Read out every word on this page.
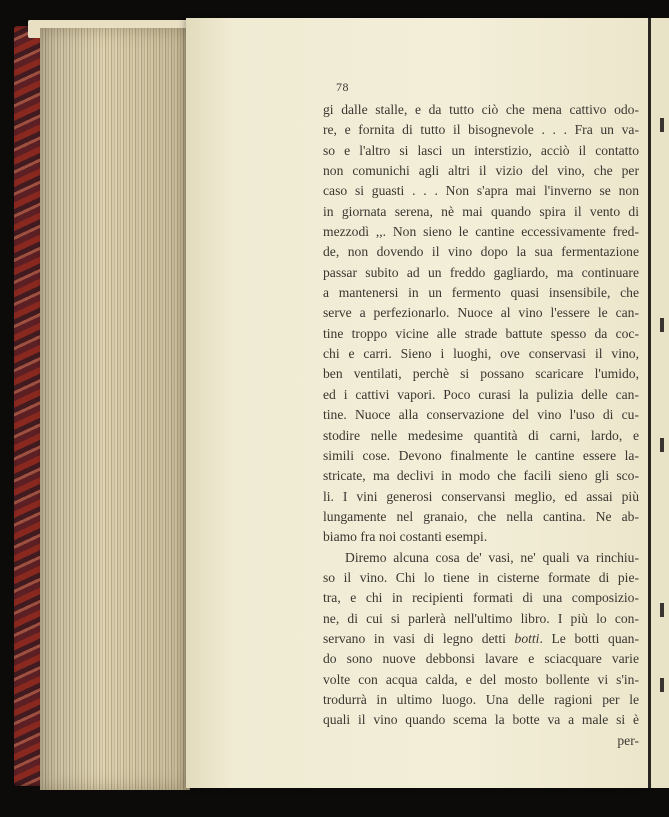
78
gi dalle stalle, e da tutto ciò che mena cattivo odo-
re, e fornita di tutto il bisognevole . . . Fra un va-
so e l'altro si lasci un interstizio, acciò il contatto
non comunichi agli altri il vizio del vino, che per
caso si guasti . . . Non s'apra mai l'inverno se non
in giornata serena, nè mai quando spira il vento di
mezzodì ,,. Non sieno le cantine eccessivamente fred-
de, non dovendo il vino dopo la sua fermentazione
passar subito ad un freddo gagliardo, ma continuare
a mantenersi in un fermento quasi insensibile, che
serve a perfezionarlo. Nuoce al vino l'essere le can-
tine troppo vicine alle strade battute spesso da coc-
chi e carri. Sieno i luoghi, ove conservasi il vino,
ben ventilati, perchè si possano scaricare l'umido,
ed i cattivi vapori. Poco curasi la pulizia delle can-
tine. Nuoce alla conservazione del vino l'uso di cu-
stodire nelle medesime quantità di carni, lardo, e
simili cose. Devono finalmente le cantine essere la-
stricate, ma declivi in modo che facili sieno gli sco-
li. I vini generosi conservansi meglio, ed assai più
lungamente nel granaio, che nella cantina. Ne ab-
biamo fra noi costanti esempi.
Diremo alcuna cosa de' vasi, ne' quali va rinchiu-
so il vino. Chi lo tiene in cisterne formate di pie-
tra, e chi in recipienti formati di una composizio-
ne, di cui si parlerà nell'ultimo libro. I più lo con-
servano in vasi di legno detti botti. Le botti quan-
do sono nuove debbonsi lavare e sciacquare varie
volte con acqua calda, e del mosto bollente vi s'in-
trodurrà in ultimo luogo. Una delle ragioni per le
quali il vino quando scema la botte va a male si è
per-
